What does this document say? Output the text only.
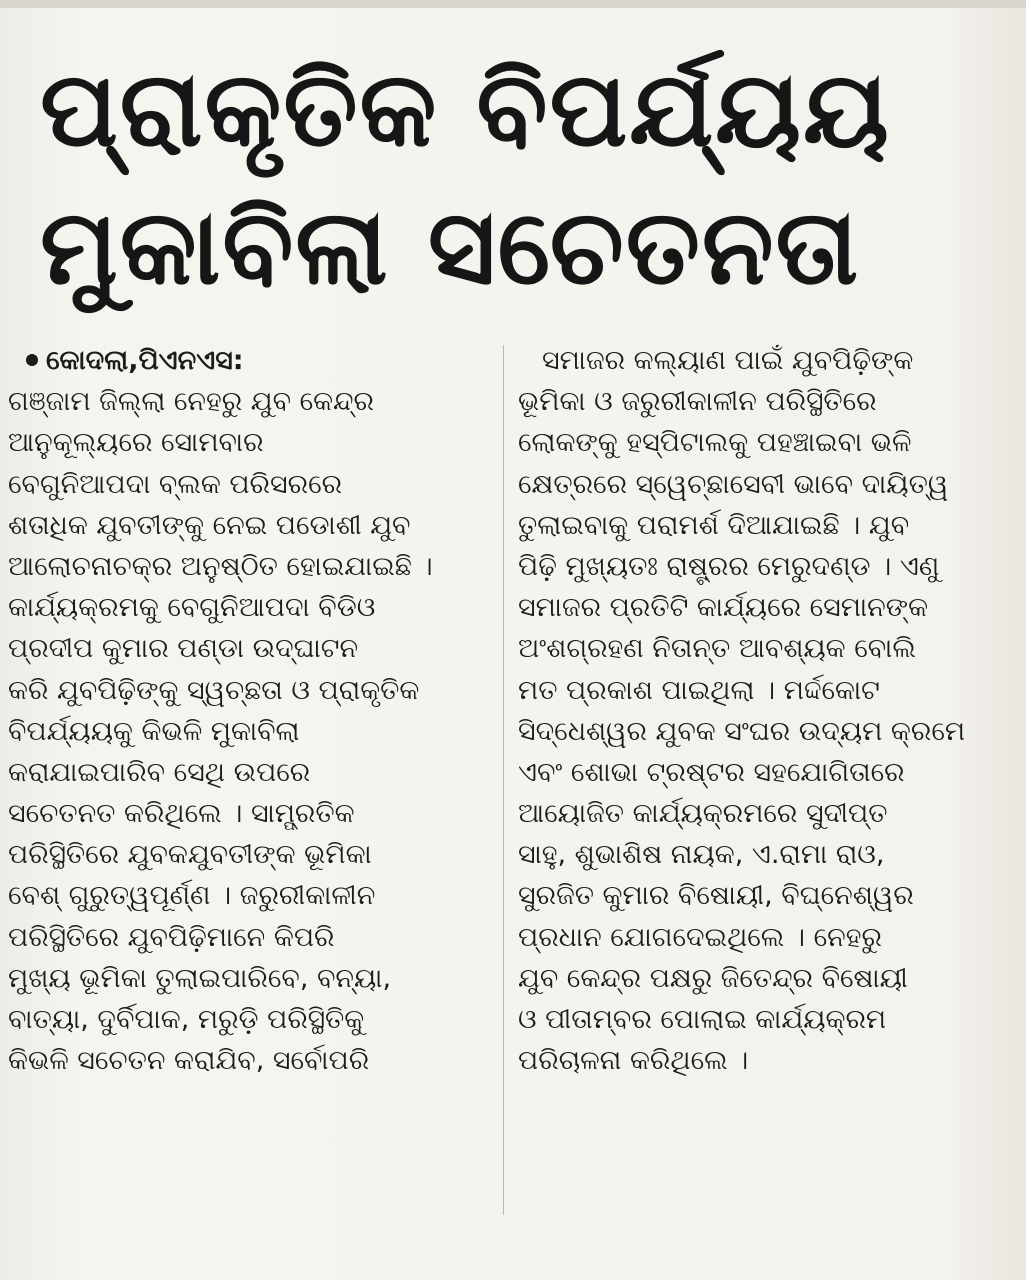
ପ୍ରାକୃତିକ ବିପର୍ଯ୍ୟୟ
ମୁକାବିଲା ସଚେତନତା
କୋଦଲା,ପିଏନଏସ:
ଗଞ୍ଜାମ ଜିଲ୍ଲା ନେହରୁ ଯୁବ କେନ୍ଦ୍ର
ଆନୁକୂଲ୍ୟରେ ସୋମବାର
ବେଗୁନିଆପଦା ବ୍ଲକ ପରିସରରେ
ଶତାଧିକ ଯୁବତୀଙ୍କୁ ନେଇ ପଡୋଶୀ ଯୁବ
ଆଲୋଚନାଚକ୍ର ଅନୁଷ୍ଠିତ ହୋଇଯାଇଛି ।
କାର୍ଯ୍ୟକ୍ରମକୁ ବେଗୁନିଆପଦା ବିଡିଓ
ପ୍ରଦୀପ କୁମାର ପଣ୍ଡା ଉଦ୍‌ଘାଟନ
କରି ଯୁବପିଢ଼ିଙ୍କୁ ସ୍ୱଚ୍ଛତା ଓ ପ୍ରାକୃତିକ
ବିପର୍ଯ୍ୟୟକୁ କିଭଳି ମୁକାବିଲା
କରାଯାଇପାରିବ ସେଥି ଉପରେ
ସଚେତନତ କରିଥିଲେ । ସାମ୍ପ୍ରତିକ
ପରିସ୍ଥିତିରେ ଯୁବକଯୁବତୀଙ୍କ ଭୂମିକା
ବେଶ୍ ଗୁରୁତ୍ୱପୂର୍ଣ୍ଣ । ଜରୁରୀକାଳୀନ
ପରିସ୍ଥିତିରେ ଯୁବପିଢ଼ିମାନେ କିପରି
ମୁଖ୍ୟ ଭୂମିକା ତୁଲାଇପାରିବେ, ବନ୍ୟା,
ବାତ୍ୟା, ଦୁର୍ବିପାକ, ମରୁଡ଼ି ପରିସ୍ଥିତିକୁ
କିଭଳି ସଚେତନ କରାଯିବ, ସର୍ବୋପରି
ସମାଜର କଲ୍ୟାଣ ପାଇଁ ଯୁବପିଢ଼ିଙ୍କ
ଭୂମିକା ଓ ଜରୁରୀକାଳୀନ ପରିସ୍ଥିତିରେ
ଲୋକଙ୍କୁ ହସ୍ପିଟାଲକୁ ପହଞ୍ଚାଇବା ଭଳି
କ୍ଷେତ୍ରରେ ସ୍ୱେଚ୍ଛାସେବୀ ଭାବେ ଦାୟିତ୍ୱ
ତୁଲାଇବାକୁ ପରାମର୍ଶ ଦିଆଯାଇଛି । ଯୁବ
ପିଢ଼ି ମୁଖ୍ୟତଃ ରାଷ୍ଟ୍ରର ମେରୁଦଣ୍ଡ । ଏଣୁ
ସମାଜର ପ୍ରତିଟି କାର୍ଯ୍ୟରେ ସେମାନଙ୍କ
ଅଂଶଗ୍ରହଣ ନିତାନ୍ତ ଆବଶ୍ୟକ ବୋଲି
ମତ ପ୍ରକାଶ ପାଇଥିଲା । ମର୍ଦ୍ଦକୋଟ
ସିଦ୍ଧେଶ୍ୱର ଯୁବକ ସଂଘର ଉଦ୍ୟମ କ୍ରମେ
ଏବଂ ଶୋଭା ଟ୍ରଷ୍ଟର ସହଯୋଗିତାରେ
ଆୟୋଜିତ କାର୍ଯ୍ୟକ୍ରମରେ ସୁଦୀପ୍ତ
ସାହୁ, ଶୁଭାଶିଷ ନାୟକ, ଏ.ରାମା ରାଓ,
ସୁରଜିତ କୁମାର ବିଷୋୟୀ, ବିଘ୍ନେଶ୍ୱର
ପ୍ରଧାନ ଯୋଗଦେଇଥିଲେ । ନେହରୁ
ଯୁବ କେନ୍ଦ୍ର ପକ୍ଷରୁ ଜିତେନ୍ଦ୍ର ବିଷୋୟୀ
ଓ ପୀତାମ୍ବର ପୋଲାଇ କାର୍ଯ୍ୟକ୍ରମ
ପରିଚାଳନା କରିଥିଲେ ।
